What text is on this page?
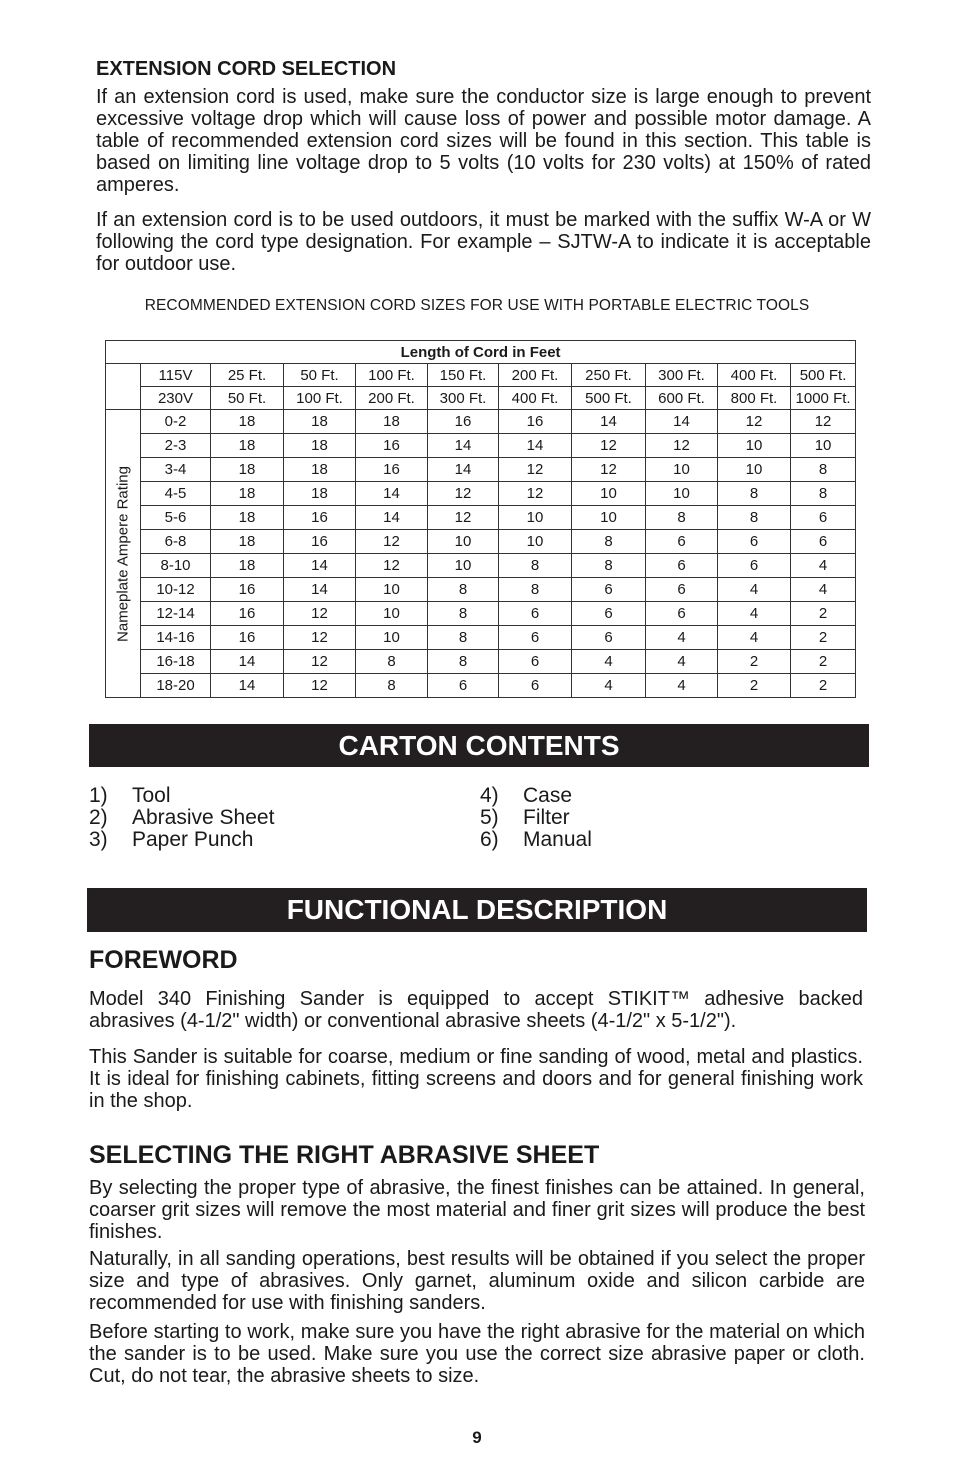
EXTENSION CORD SELECTION
If an extension cord is used, make sure the conductor size is large enough to prevent excessive voltage drop which will cause loss of power and possible motor damage. A table of recommended extension cord sizes will be found in this section. This table is based on limiting line voltage drop to 5 volts (10 volts for 230 volts) at 150% of rated amperes.
If an extension cord is to be used outdoors, it must be marked with the suffix W-A or W following the cord type designation. For example – SJTW-A to indicate it is acceptable for outdoor use.
RECOMMENDED EXTENSION CORD SIZES FOR USE WITH PORTABLE ELECTRIC TOOLS
Length of Cord in Feet										
	115V	25 Ft.	50 Ft.	100 Ft.	150 Ft.	200 Ft.	250 Ft.	300 Ft.	400 Ft.	500 Ft.
	230V	50 Ft.	100 Ft.	200 Ft.	300 Ft.	400 Ft.	500 Ft.	600 Ft.	800 Ft.	1000 Ft.

Nameplate Ampere Rating	0-2	18	18	18	16	16	14	14	12	12
	2-3	18	18	16	14	14	12	12	10	10
	3-4	18	18	16	14	12	12	10	10	8
	4-5	18	18	14	12	12	10	10	8	8
	5-6	18	16	14	12	10	10	8	8	6
	6-8	18	16	12	10	10	8	6	6	6
	8-10	18	14	12	10	8	8	6	6	4
	10-12	16	14	10	8	8	6	6	4	4
	12-14	16	12	10	8	6	6	6	4	2
	14-16	16	12	10	8	6	6	4	4	2
	16-18	14	12	8	8	6	4	4	2	2
	18-20	14	12	8	6	6	4	4	2	2
CARTON CONTENTS
1)	Tool
2)	Abrasive Sheet
3)	Paper Punch
4)	Case
5)	Filter
6)	Manual
FUNCTIONAL DESCRIPTION
FOREWORD
Model 340 Finishing Sander is equipped to accept STIKIT™ adhesive backed abrasives (4-1/2" width) or conventional abrasive sheets (4-1/2" x 5-1/2").
This Sander is suitable for coarse, medium or fine sanding of wood, metal and plastics. It is ideal for finishing cabinets, fitting screens and doors and for general finishing work in the shop.
SELECTING THE RIGHT ABRASIVE SHEET
By selecting the proper type of abrasive, the finest finishes can be attained. In general, coarser grit sizes will remove the most material and finer grit sizes will produce the best finishes.
Naturally, in all sanding operations, best results will be obtained if you select the proper size and type of abrasives. Only garnet, aluminum oxide and silicon carbide are recommended for use with finishing sanders.
Before starting to work, make sure you have the right abrasive for the material on which the sander is to be used. Make sure you use the correct size abrasive paper or cloth. Cut, do not tear, the abrasive sheets to size.
9
